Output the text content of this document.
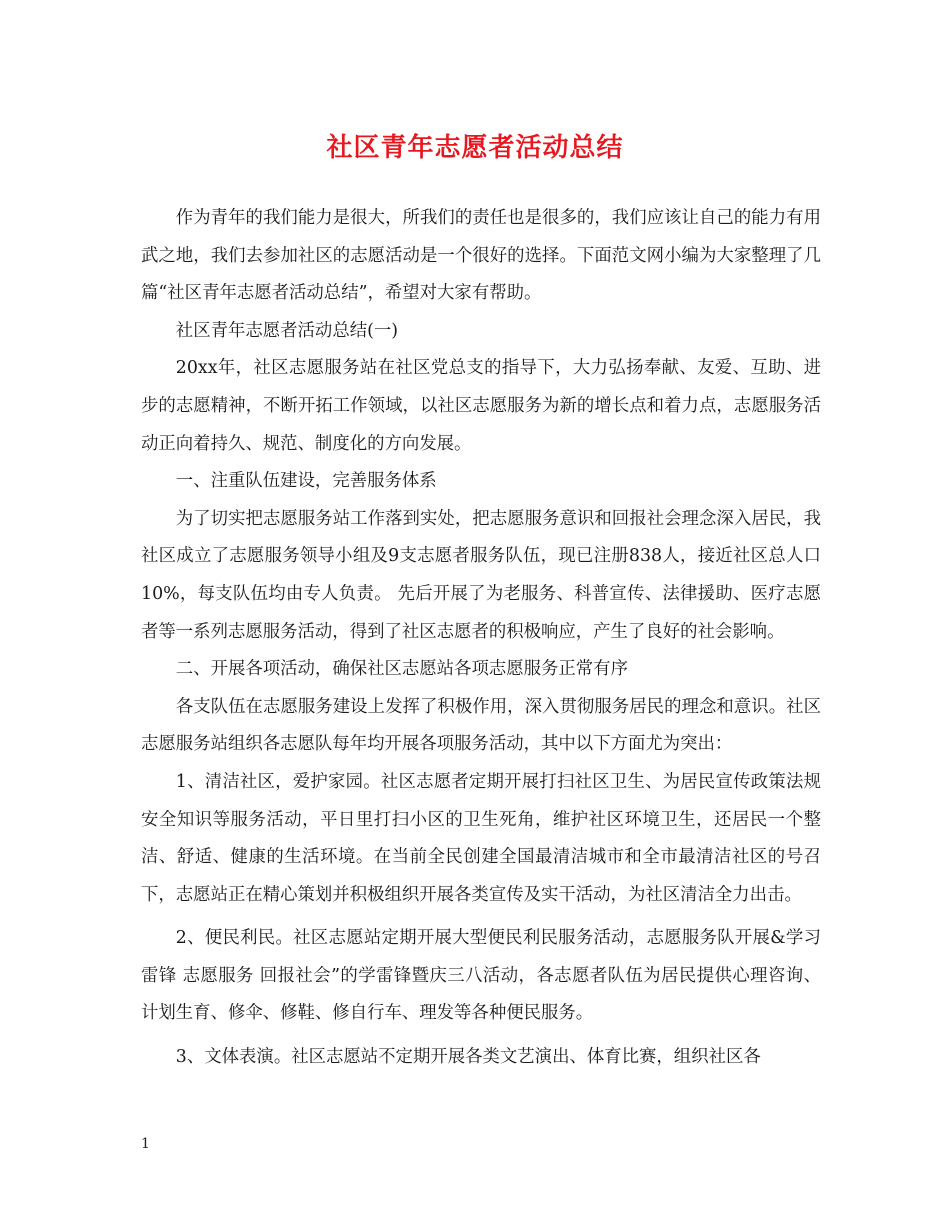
社区青年志愿者活动总结

作为青年的我们能力是很大，所我们的责任也是很多的，我们应该让自己的能力有用武之地，我们去参加社区的志愿活动是一个很好的选择。下面范文网小编为大家整理了几篇“社区青年志愿者活动总结”，希望对大家有帮助。

社区青年志愿者活动总结(一)

20xx年，社区志愿服务站在社区党总支的指导下，大力弘扬奉献、友爱、互助、进步的志愿精神，不断开拓工作领域，以社区志愿服务为新的增长点和着力点，志愿服务活动正向着持久、规范、制度化的方向发展。

一、注重队伍建设，完善服务体系

为了切实把志愿服务站工作落到实处，把志愿服务意识和回报社会理念深入居民，我社区成立了志愿服务领导小组及9支志愿者服务队伍，现已注册838人，接近社区总人口10%，每支队伍均由专人负责。 先后开展了为老服务、科普宣传、法律援助、医疗志愿者等一系列志愿服务活动，得到了社区志愿者的积极响应，产生了良好的社会影响。

二、开展各项活动，确保社区志愿站各项志愿服务正常有序

各支队伍在志愿服务建设上发挥了积极作用，深入贯彻服务居民的理念和意识。社区志愿服务站组织各志愿队每年均开展各项服务活动，其中以下方面尤为突出：

1、清洁社区，爱护家园。社区志愿者定期开展打扫社区卫生、为居民宣传政策法规安全知识等服务活动，平日里打扫小区的卫生死角，维护社区环境卫生，还居民一个整洁、舒适、健康的生活环境。在当前全民创建全国最清洁城市和全市最清洁社区的号召下，志愿站正在精心策划并积极组织开展各类宣传及实干活动，为社区清洁全力出击。

2、便民利民。社区志愿站定期开展大型便民利民服务活动，志愿服务队开展&学习雷锋 志愿服务 回报社会”的学雷锋暨庆三八活动，各志愿者队伍为居民提供心理咨询、计划生育、修伞、修鞋、修自行车、理发等各种便民服务。

3、文体表演。社区志愿站不定期开展各类文艺演出、体育比赛，组织社区各

1
